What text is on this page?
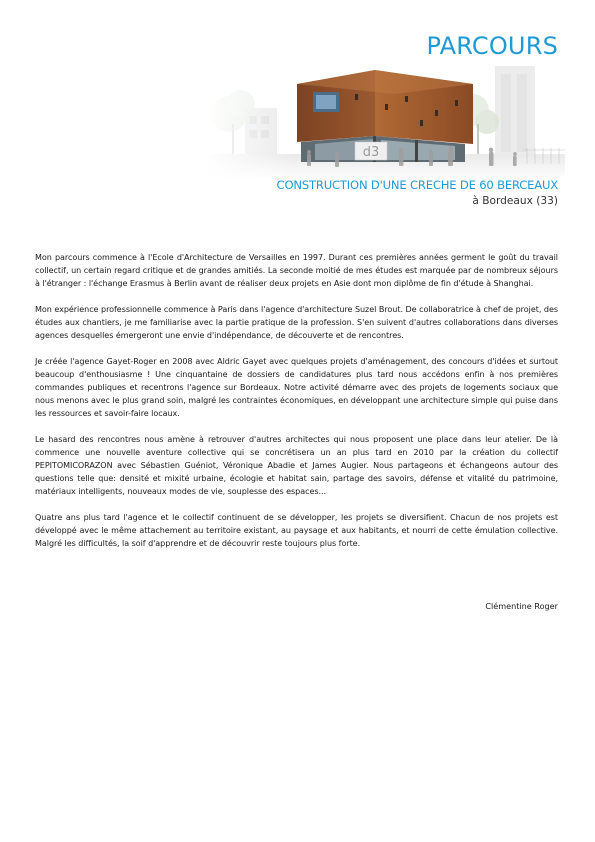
PARCOURS
CONSTRUCTION D'UNE CRECHE DE 60 BERCEAUX
à Bordeaux (33)

Mon parcours commence à l'Ecole d'Architecture de Versailles en 1997. Durant ces premières années germent le goût du travail collectif, un certain regard critique et de grandes amitiés. La seconde moitié de mes études est marquée par de nombreux séjours à l'étranger : l'échange Erasmus à Berlin avant de réaliser deux projets en Asie dont mon diplôme de fin d'étude à Shanghai.

Mon expérience professionnelle commence à Paris dans l'agence d'architecture Suzel Brout. De collaboratrice à chef de projet, des études aux chantiers, je me familiarise avec la partie pratique de la profession. S'en suivent d'autres collaborations dans diverses agences desquelles émergeront une envie d'indépendance, de découverte et de rencontres.

Je créée l'agence Gayet-Roger en 2008 avec Aldric Gayet avec quelques projets d'aménagement, des concours d'idées et surtout beaucoup d'enthousiasme ! Une cinquantaine de dossiers de candidatures plus tard nous accédons enfin à nos premières commandes publiques et recentrons l'agence sur Bordeaux. Notre activité démarre avec des projets de logements sociaux que nous menons avec le plus grand soin, malgré les contraintes économiques, en développant une architecture simple qui puise dans les ressources et savoir-faire locaux.

Le hasard des rencontres nous amène à retrouver d'autres architectes qui nous proposent une place dans leur atelier. De là commence une nouvelle aventure collective qui se concrétisera un an plus tard en 2010 par la création du collectif PEPITOMICORAZON avec Sébastien Guéniot, Véronique Abadie et James Augier. Nous partageons et échangeons autour des questions telle que: densité et mixité urbaine, écologie et habitat sain, partage des savoirs, défense et vitalité du patrimoine, matériaux intelligents, nouveaux modes de vie, souplesse des espaces...

Quatre ans plus tard l'agence et le collectif continuent de se développer, les projets se diversifient. Chacun de nos projets est développé avec le même attachement au territoire existant, au paysage et aux habitants, et nourri de cette émulation collective. Malgré les difficultés, la soif d'apprendre et de découvrir reste toujours plus forte.

Clémentine Roger
